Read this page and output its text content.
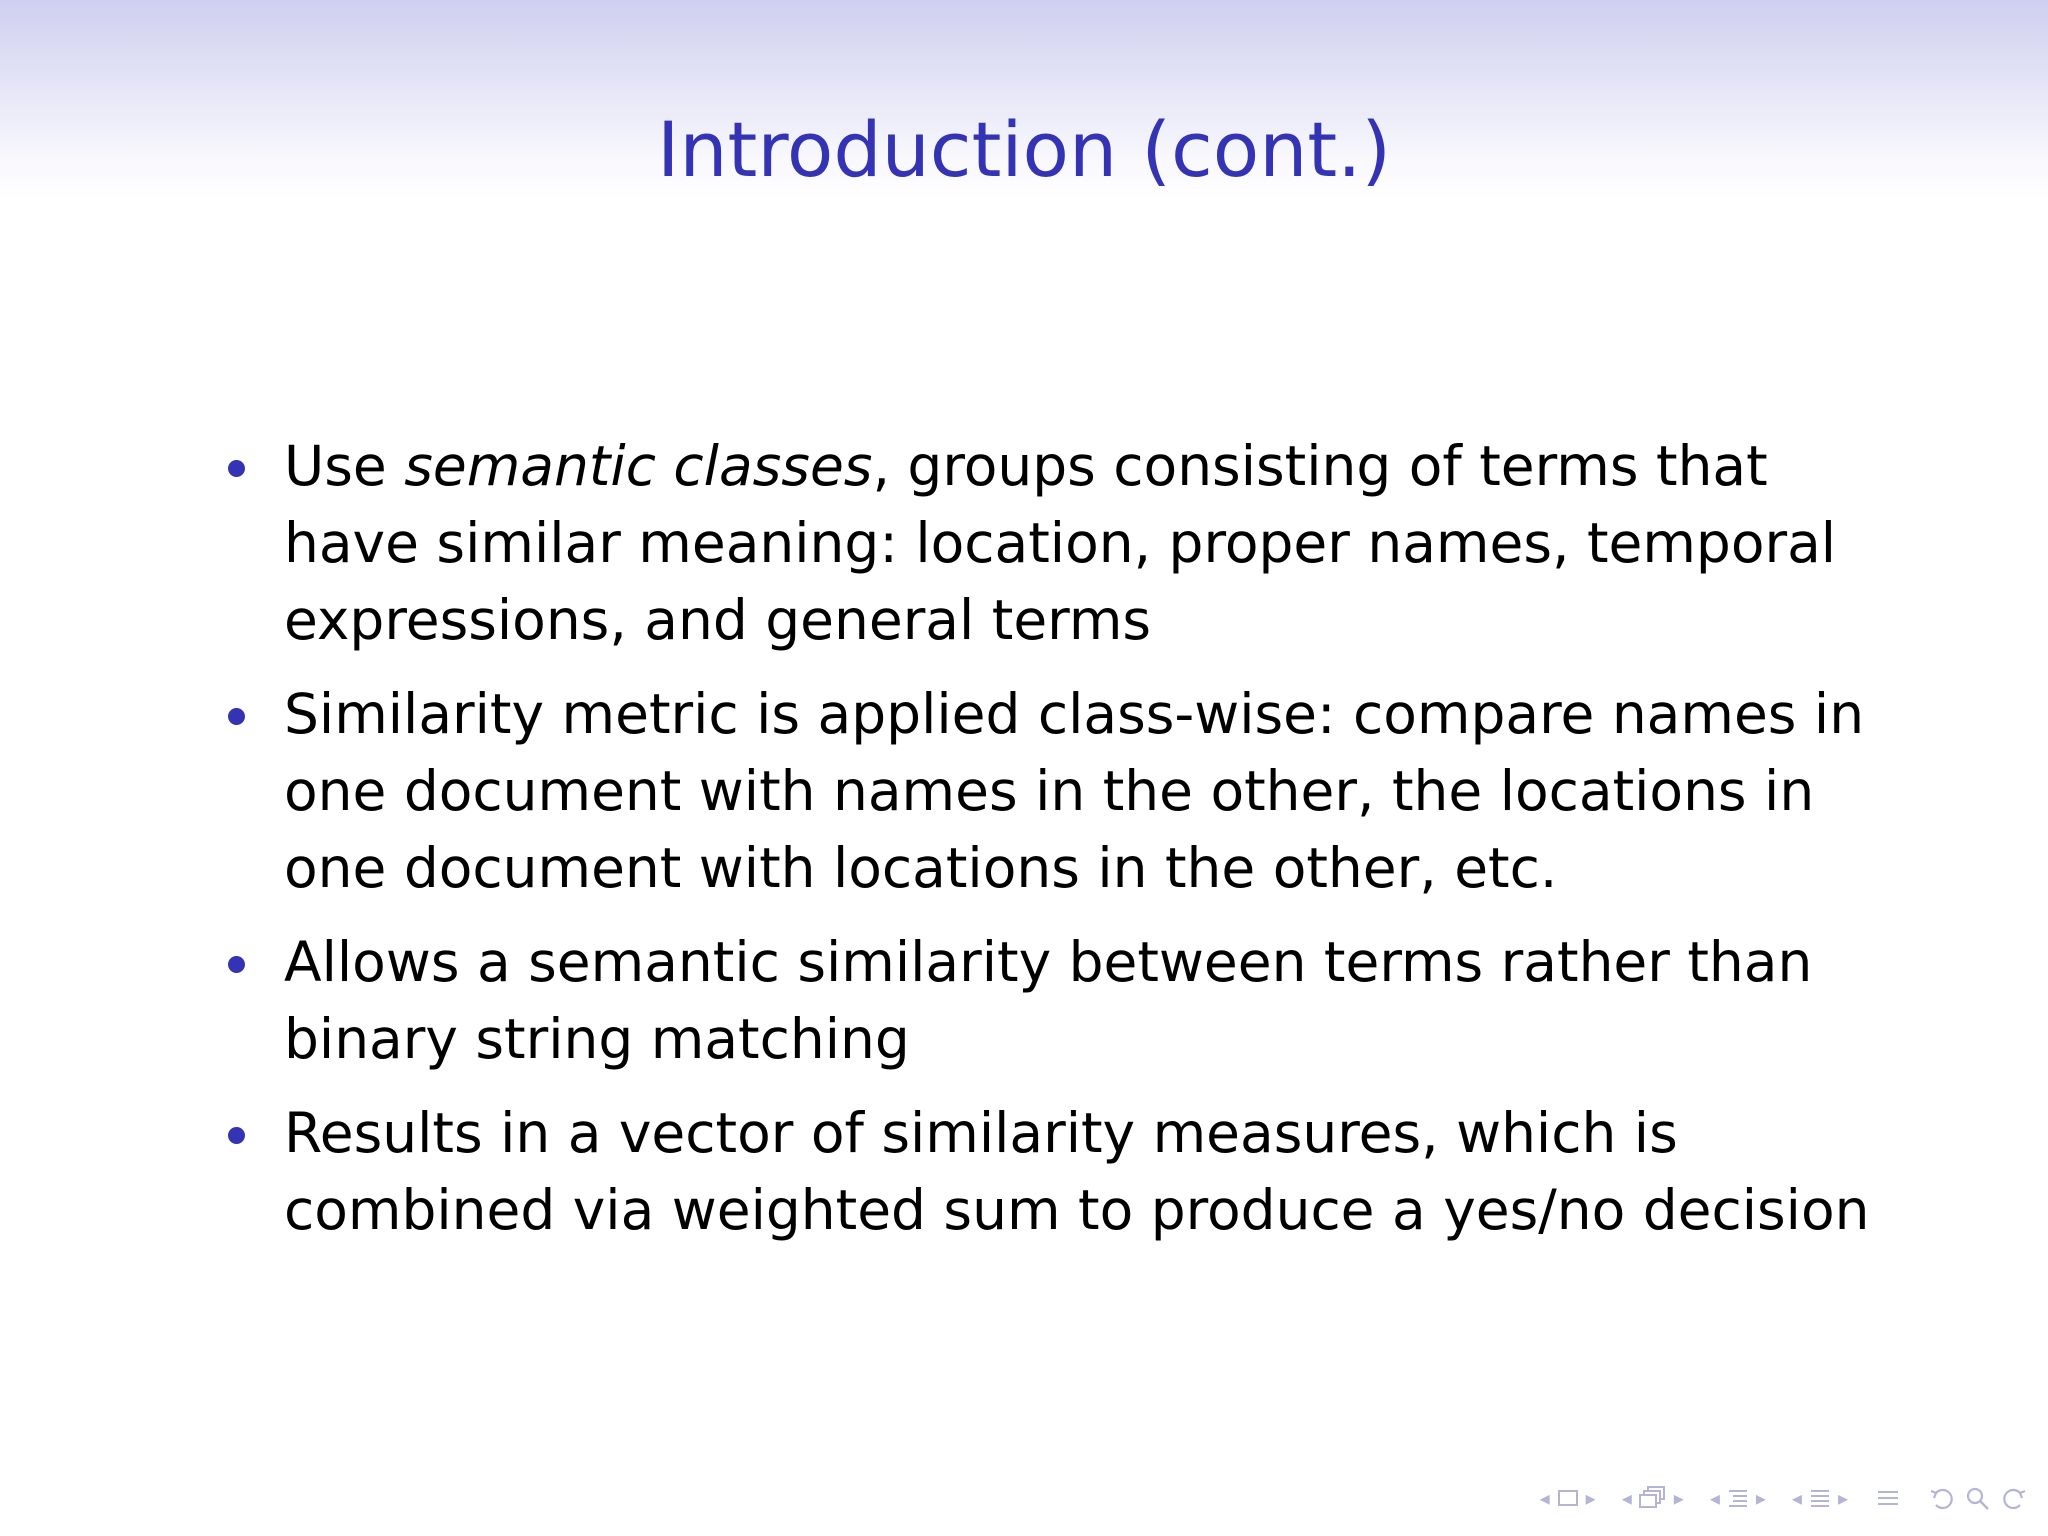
Introduction (cont.)
Use semantic classes, groups consisting of terms that have similar meaning: location, proper names, temporal expressions, and general terms
Similarity metric is applied class-wise: compare names in one document with names in the other, the locations in one document with locations in the other, etc.
Allows a semantic similarity between terms rather than binary string matching
Results in a vector of similarity measures, which is combined via weighted sum to produce a yes/no decision
◂ ▸ ◂ ▸ ◂ ▸ ◂ ▸
